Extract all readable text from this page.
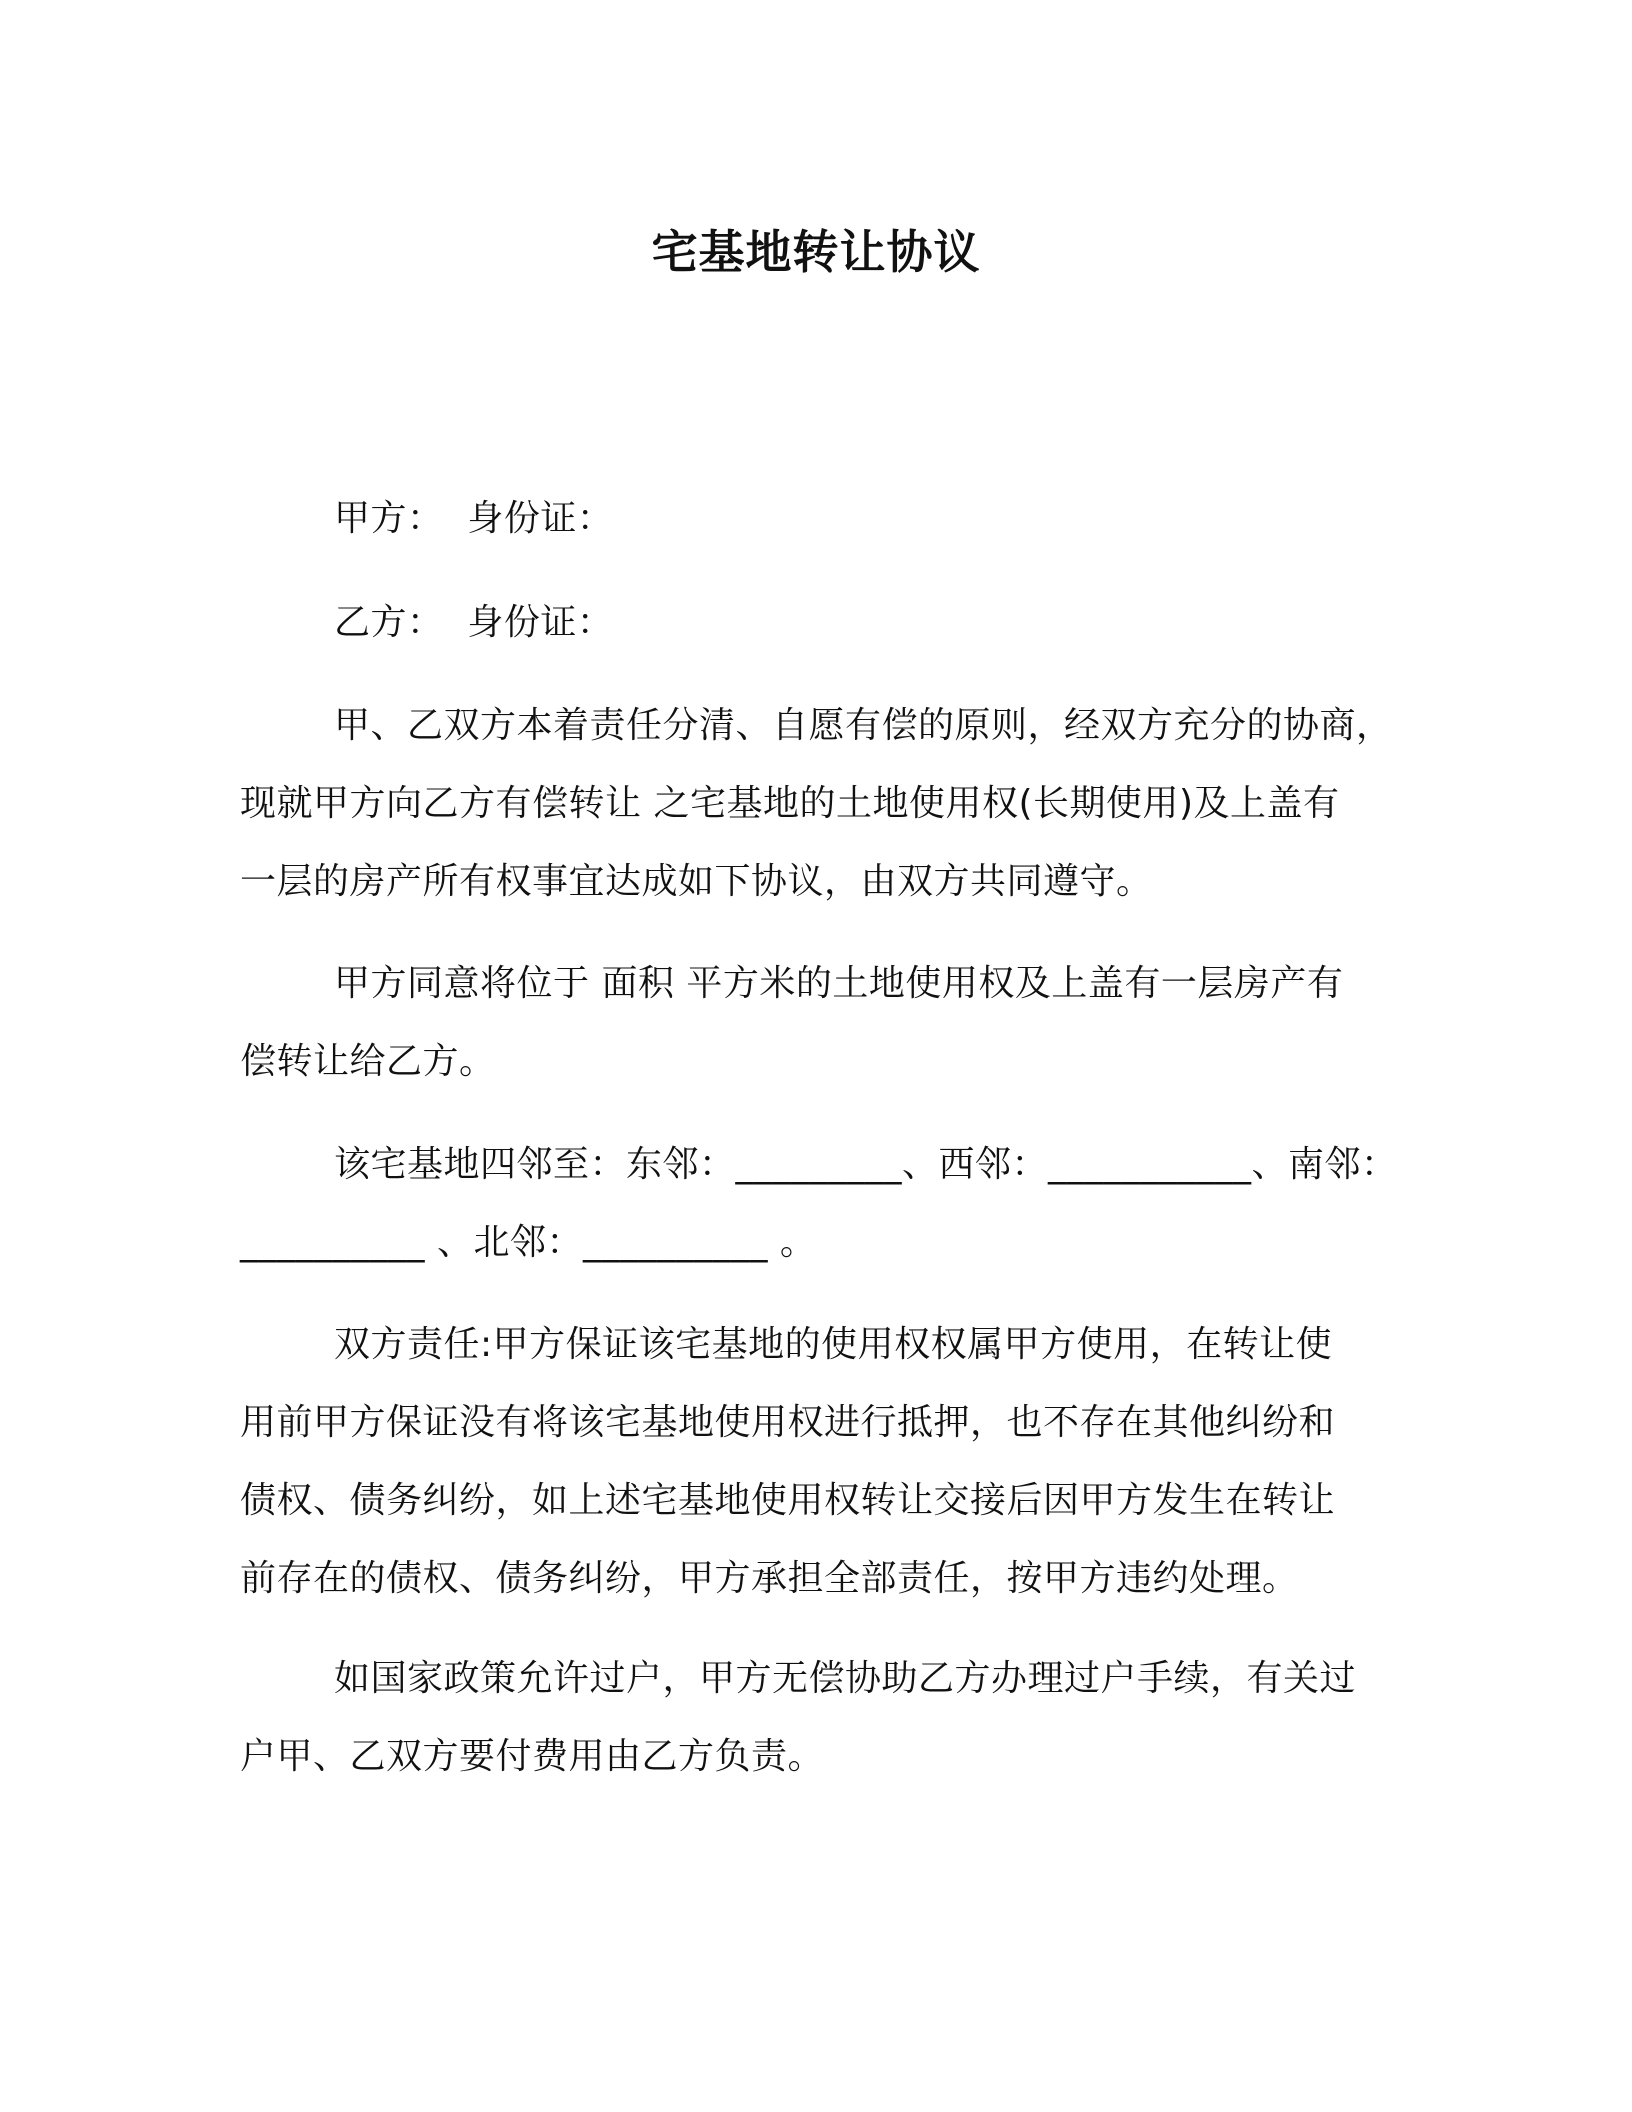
宅基地转让协议
甲方：  身份证：
乙方：  身份证：
甲、乙双方本着责任分清、自愿有偿的原则，经双方充分的协商，
现就甲方向乙方有偿转让 之宅基地的土地使用权(长期使用)及上盖有
一层的房产所有权事宜达成如下协议，由双方共同遵守。
甲方同意将位于 面积 平方米的土地使用权及上盖有一层房产有
偿转让给乙方。
该宅基地四邻至：东邻：_________、西邻：___________、南邻：
__________ 、北邻：__________ 。
双方责任:甲方保证该宅基地的使用权权属甲方使用，在转让使
用前甲方保证没有将该宅基地使用权进行抵押，也不存在其他纠纷和
债权、债务纠纷，如上述宅基地使用权转让交接后因甲方发生在转让
前存在的债权、债务纠纷，甲方承担全部责任，按甲方违约处理。
如国家政策允许过户，甲方无偿协助乙方办理过户手续，有关过
户甲、乙双方要付费用由乙方负责。
